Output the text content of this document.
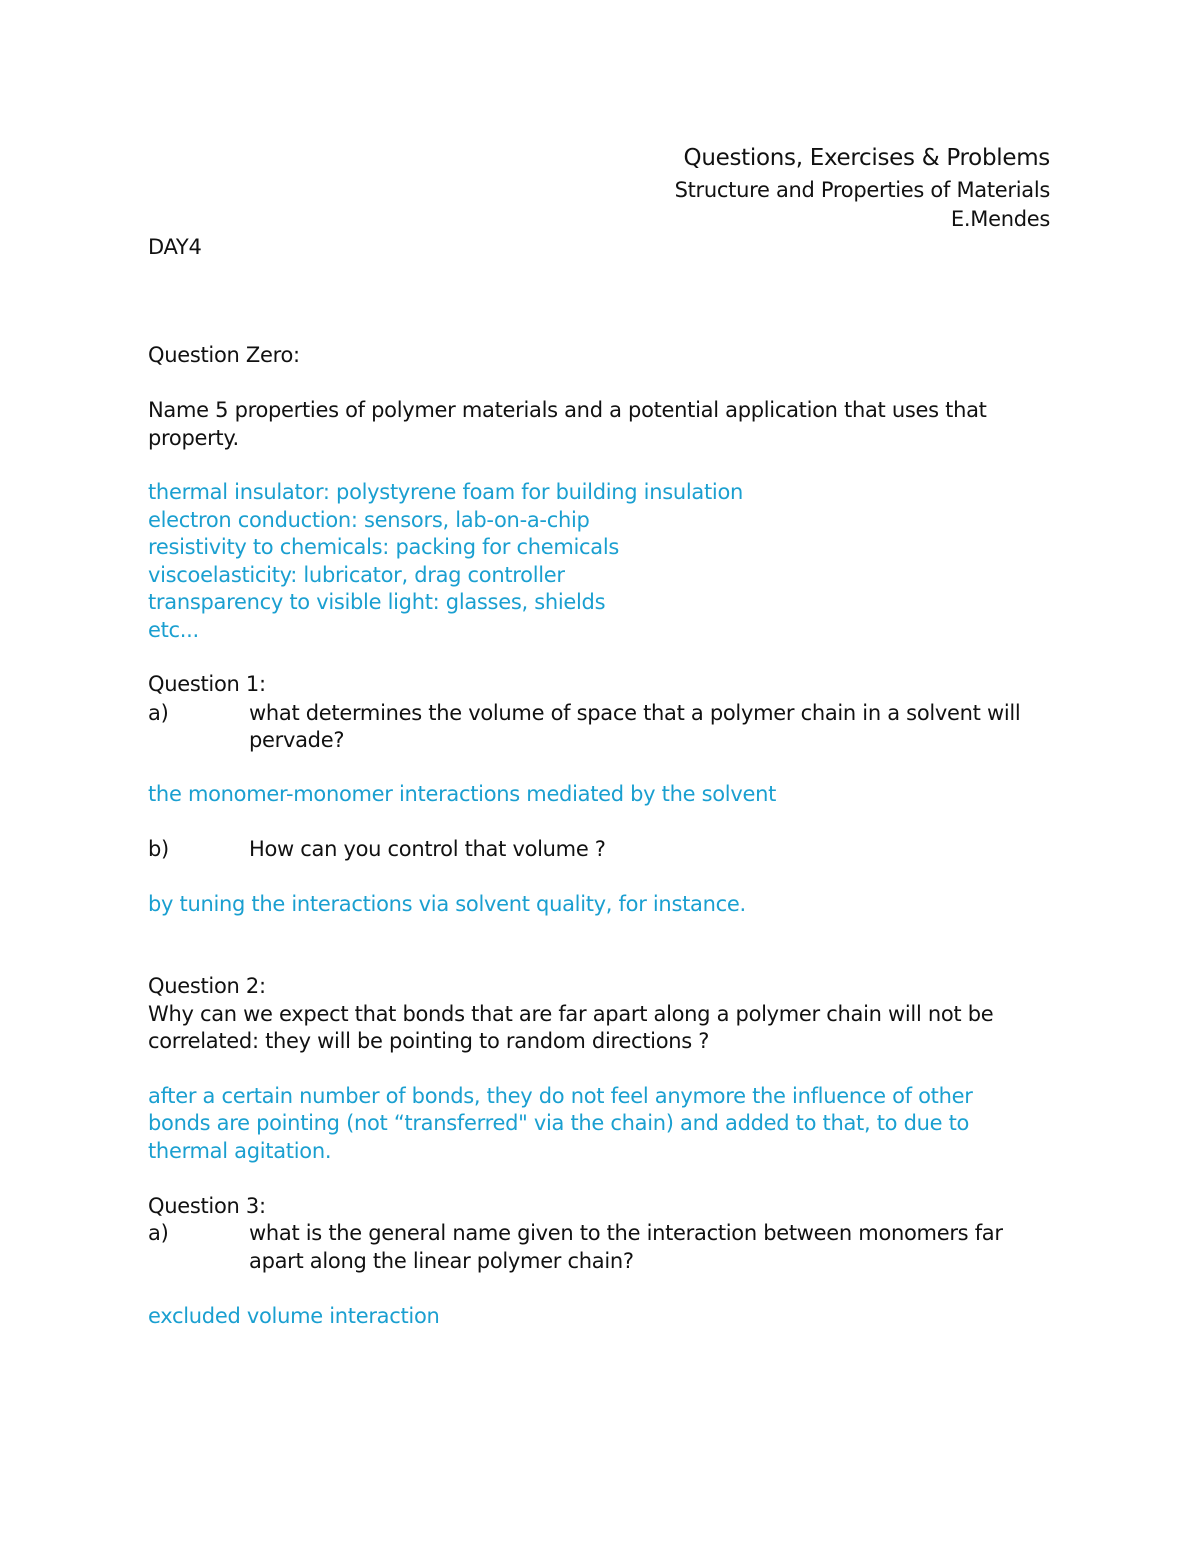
Questions, Exercises & Problems
Structure and Properties of Materials
E.Mendes
DAY4
Question Zero:
Name 5 properties of polymer materials and a potential application that uses that
property.
thermal insulator: polystyrene foam for building insulation
electron conduction: sensors, lab-on-a-chip
resistivity to chemicals: packing for chemicals
viscoelasticity: lubricator, drag controller
transparency to visible light: glasses, shields
etc...
Question 1:
a)	what determines the volume of space that a polymer chain in a solvent will
pervade?
the monomer-monomer interactions mediated by the solvent
b)	How can you control that volume ?
by tuning the interactions via solvent quality, for instance.
Question 2:
Why can we expect that bonds that are far apart along a polymer chain will not be
correlated: they will be pointing to random directions ?
after a certain number of bonds, they do not feel anymore the influence of other
bonds are pointing (not “transferred" via the chain) and added to that, to due to
thermal agitation.
Question 3:
a)	what is the general name given to the interaction between monomers far
apart along the linear polymer chain?
excluded volume interaction
